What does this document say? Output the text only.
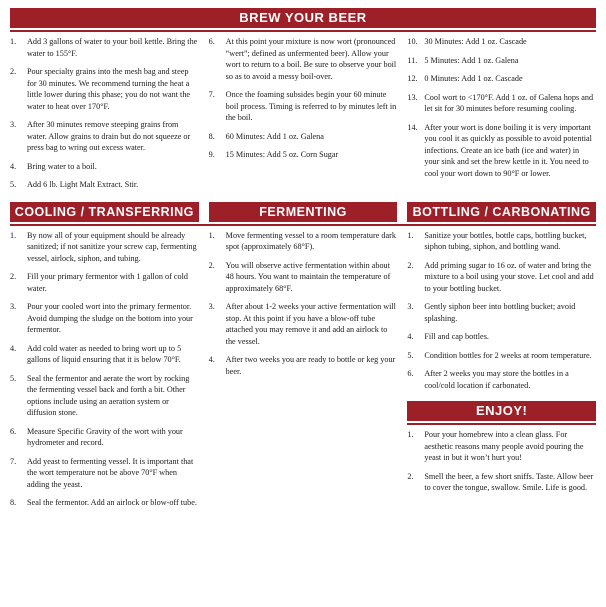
BREW YOUR BEER
1.	Add 3 gallons of water to your boil kettle. Bring the water to 155°F.
2.	Pour specialty grains into the mesh bag and steep for 30 minutes. We recommend turning the heat a little lower during this phase; you do not want the water to heat over 170°F.
3.	After 30 minutes remove steeping grains from water. Allow grains to drain but do not squeeze or press bag to wring out excess water.
4.	Bring water to a boil.
5.	Add 6 lb. Light Malt Extract. Stir.
6.	At this point your mixture is now wort (pronounced “wert”; defined as unfermented beer). Allow your wort to return to a boil. Be sure to observe your boil so as to avoid a messy boil-over.
7.	Once the foaming subsides begin your 60 minute boil process. Timing is referred to by minutes left in the boil.
8.	60 Minutes: Add 1 oz. Galena
9.	15 Minutes: Add 5 oz. Corn Sugar
10. 30 Minutes: Add 1 oz. Cascade
11. 5 Minutes: Add 1 oz. Galena
12. 0 Minutes: Add 1 oz. Cascade
13. Cool wort to <170°F. Add 1 oz. of Galena hops and let sit for 30 minutes before resuming cooling.
14. After your wort is done boiling it is very important you cool it as quickly as possible to avoid potential infections. Create an ice bath (ice and water) in your sink and set the brew kettle in it. You need to cool your wort down to 90°F or lower.
COOLING / TRANSFERRING	FERMENTING	BOTTLING / CARBONATING
1.	By now all of your equipment should be already sanitized; if not sanitize your screw cap, fermenting vessel, airlock, siphon, and tubing.
2.	Fill your primary fermentor with 1 gallon of cold water.
3.	Pour your cooled wort into the primary fermentor. Avoid dumping the sludge on the bottom into your fermentor.
4.	Add cold water as needed to bring wort up to 5 gallons of liquid ensuring that it is below 70°F.
5.	Seal the fermentor and aerate the wort by rocking the fermenting vessel back and forth a bit. Other options include using an aeration system or diffusion stone.
6.	Measure Specific Gravity of the wort with your hydrometer and record.
7.	Add yeast to fermenting vessel. It is important that the wort temperature not be above 70°F when adding the yeast.
8.	Seal the fermentor. Add an airlock or blow-off tube.
1.	Move fermenting vessel to a room temperature dark spot (approximately 68°F).
2.	You will observe active fermentation within about 48 hours. You want to maintain the temperature of approximately 68°F.
3.	After about 1-2 weeks your active fermentation will stop. At this point if you have a blow-off tube attached you may remove it and add an airlock to the vessel.
4.	After two weeks you are ready to bottle or keg your beer.
1.	Sanitize your bottles, bottle caps, bottling bucket, siphon tubing, siphon, and bottling wand.
2.	Add priming sugar to 16 oz. of water and bring the mixture to a boil using your stove. Let cool and add to your bottling bucket.
3.	Gently siphon beer into bottling bucket; avoid splashing.
4.	Fill and cap bottles.
5.	Condition bottles for 2 weeks at room temperature.
6.	After 2 weeks you may store the bottles in a cool/cold location if carbonated.
ENJOY!
1.	Pour your homebrew into a clean glass. For aesthetic reasons many people avoid pouring the yeast in but it won’t hurt you!
2.	Smell the beer, a few short sniffs. Taste. Allow beer to cover the tongue, swallow. Smile. Life is good.
